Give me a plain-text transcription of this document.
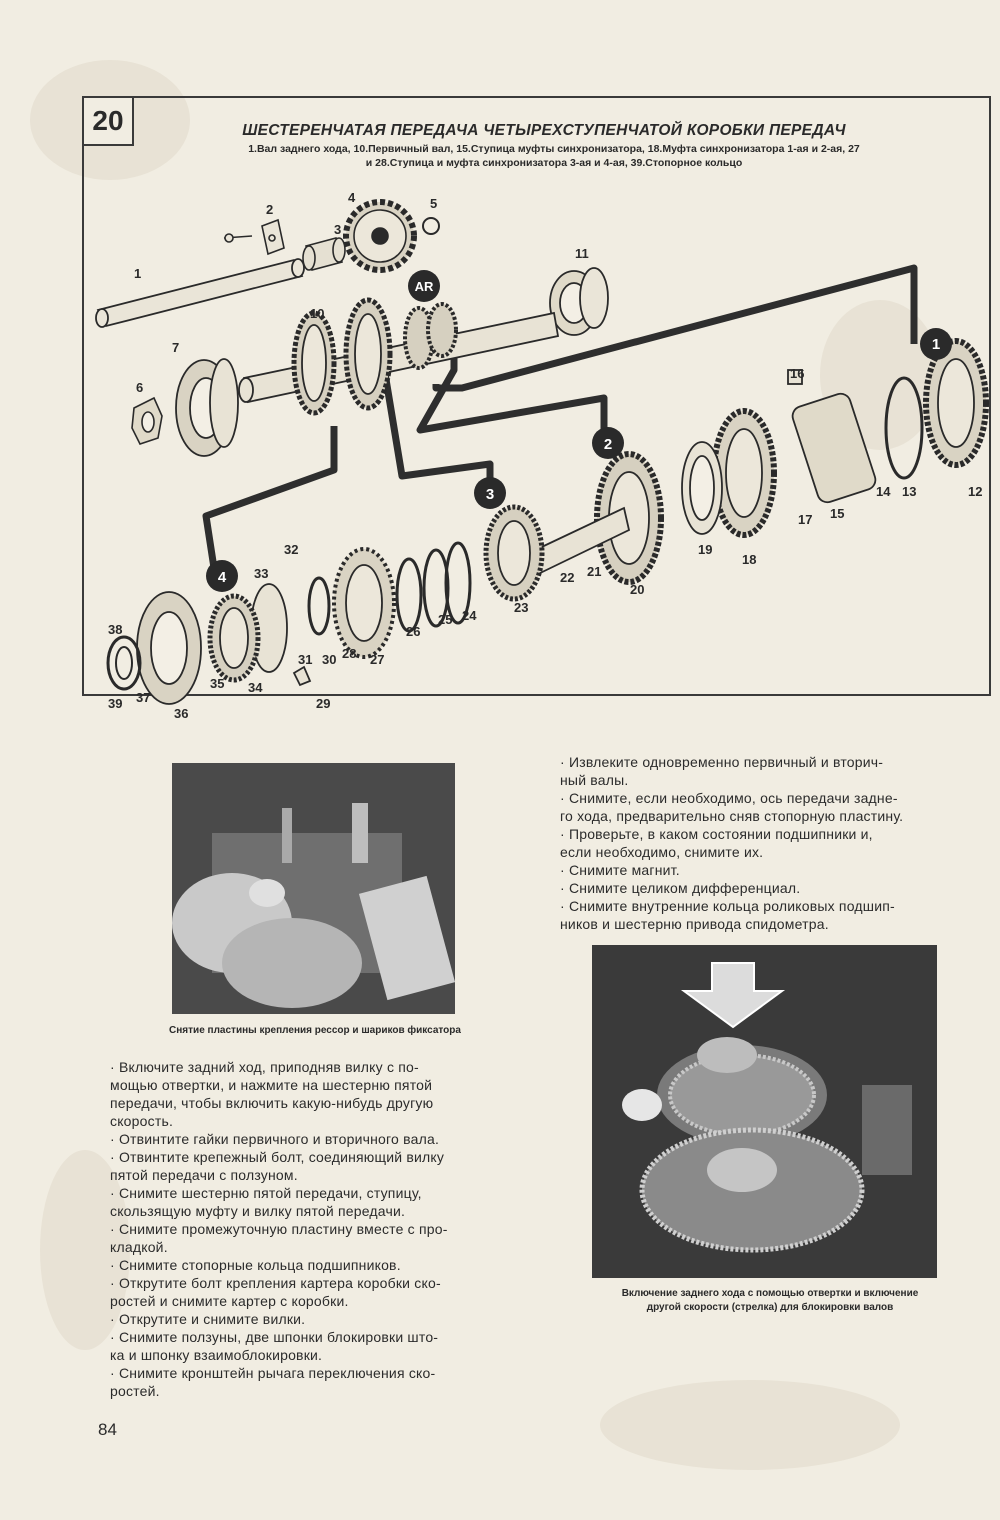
1
2
3
4
AR
1
2
3
4	5
6
7
10
11
12
13
14
15
16
17
18
19
20
21
22
23
24
25
26
27
28
29
30
31
32
33
34
35
36
37
38
39
20	ШЕСТЕРЕНЧАТАЯ ПЕРЕДАЧА ЧЕТЫРЕХСТУПЕНЧАТОЙ КОРОБКИ ПЕРЕДАЧ
1.Вал заднего хода, 10.Первичный вал, 15.Ступица муфты синхронизатора, 18.Муфта синхронизатора 1-ая и 2-ая, 27
и 28.Ступица и муфта синхронизатора 3-ая и 4-ая, 39.Стопорное кольцо
Снятие пластины крепления рессор и шариков фиксатора
Включение заднего хода с помощью отвертки и включение
другой скорости (стрелка) для блокировки валов

· Включите задний ход, приподняв вилку с по-

мощью отвертки, и нажмите на шестерню пятой

передачи, чтобы включить какую-нибудь другую

скорость.

· Отвинтите гайки первичного и вторичного вала.

· Отвинтите крепежный болт, соединяющий вилку

пятой передачи с ползуном.

· Снимите шестерню пятой передачи, ступицу,

скользящую муфту и вилку пятой передачи.

· Снимите промежуточную пластину вместе с про-

кладкой.

· Снимите стопорные кольца подшипников.

· Открутите болт крепления картера коробки ско-

ростей и снимите картер с коробки.

· Открутите и снимите вилки.

· Снимите ползуны, две шпонки блокировки што-

ка и шпонку взаимоблокировки.

· Снимите кронштейн рычага переключения ско-

ростей.

· Извлеките одновременно первичный и вторич-

ный валы.

· Снимите, если необходимо, ось передачи задне-

го хода, предварительно сняв стопорную пластину.

· Проверьте, в каком состоянии подшипники и,

если необходимо, снимите их.

· Снимите магнит.

· Снимите целиком дифференциал.

· Снимите внутренние кольца роликовых подшип-

ников и шестерню привода спидометра.

84
